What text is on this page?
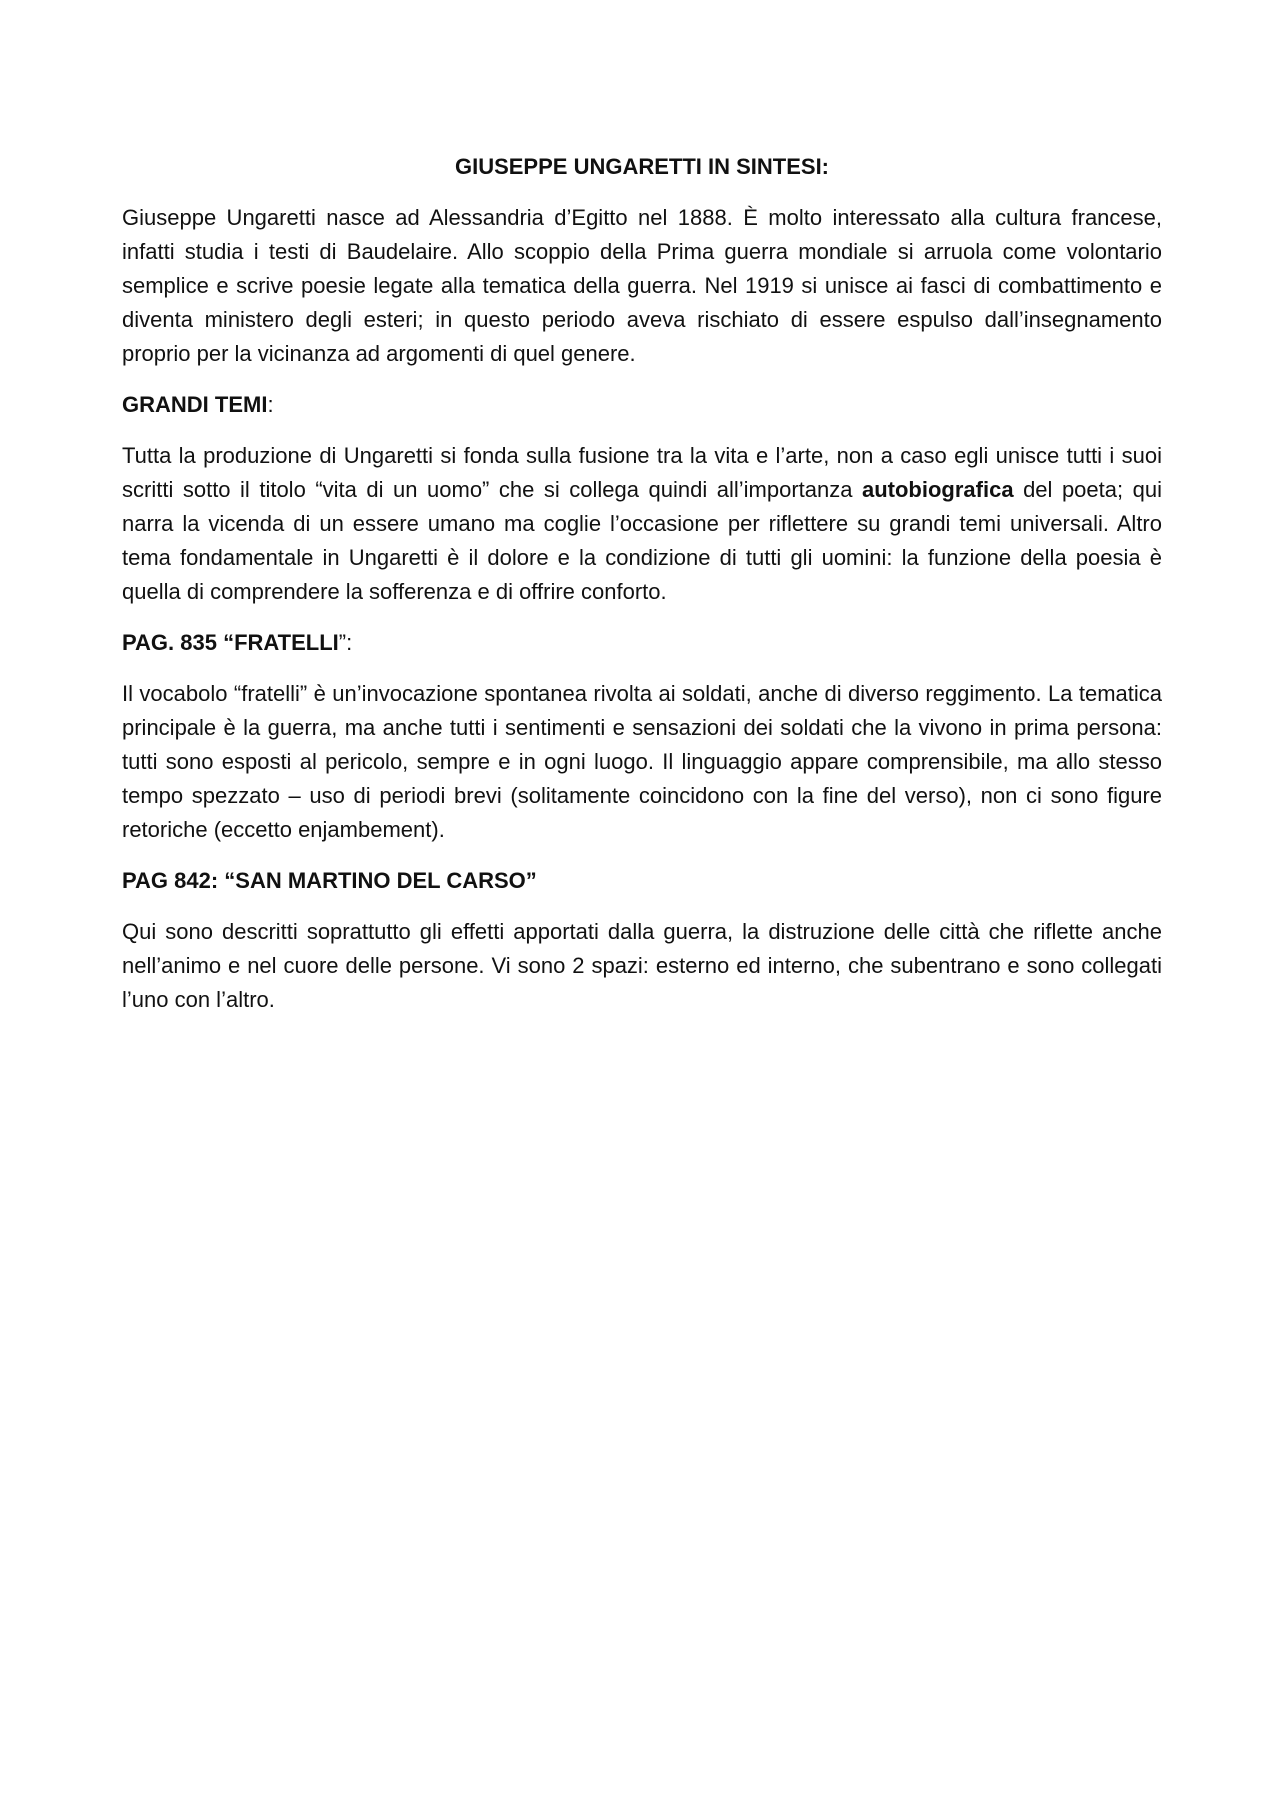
GIUSEPPE UNGARETTI IN SINTESI:

Giuseppe Ungaretti nasce ad Alessandria d’Egitto nel 1888. È molto interessato alla cultura francese, infatti studia i testi di Baudelaire. Allo scoppio della Prima guerra mondiale si arruola come volontario semplice e scrive poesie legate alla tematica della guerra. Nel 1919 si unisce ai fasci di combattimento e diventa ministero degli esteri; in questo periodo aveva rischiato di essere espulso dall’insegnamento proprio per la vicinanza ad argomenti di quel genere.

GRANDI TEMI:

Tutta la produzione di Ungaretti si fonda sulla fusione tra la vita e l’arte, non a caso egli unisce tutti i suoi scritti sotto il titolo “vita di un uomo” che si collega quindi all’importanza autobiografica del poeta; qui narra la vicenda di un essere umano ma coglie l’occasione per riflettere su grandi temi universali. Altro tema fondamentale in Ungaretti è il dolore e la condizione di tutti gli uomini: la funzione della poesia è quella di comprendere la sofferenza e di offrire conforto.

PAG. 835 “FRATELLI”:

Il vocabolo “fratelli” è un’invocazione spontanea rivolta ai soldati, anche di diverso reggimento. La tematica principale è la guerra, ma anche tutti i sentimenti e sensazioni dei soldati che la vivono in prima persona: tutti sono esposti al pericolo, sempre e in ogni luogo. Il linguaggio appare comprensibile, ma allo stesso tempo spezzato – uso di periodi brevi (solitamente coincidono con la fine del verso), non ci sono figure retoriche (eccetto enjambement).

PAG 842: “SAN MARTINO DEL CARSO”

Qui sono descritti soprattutto gli effetti apportati dalla guerra, la distruzione delle città che riflette anche nell’animo e nel cuore delle persone. Vi sono 2 spazi: esterno ed interno, che subentrano e sono collegati l’uno con l’altro.
